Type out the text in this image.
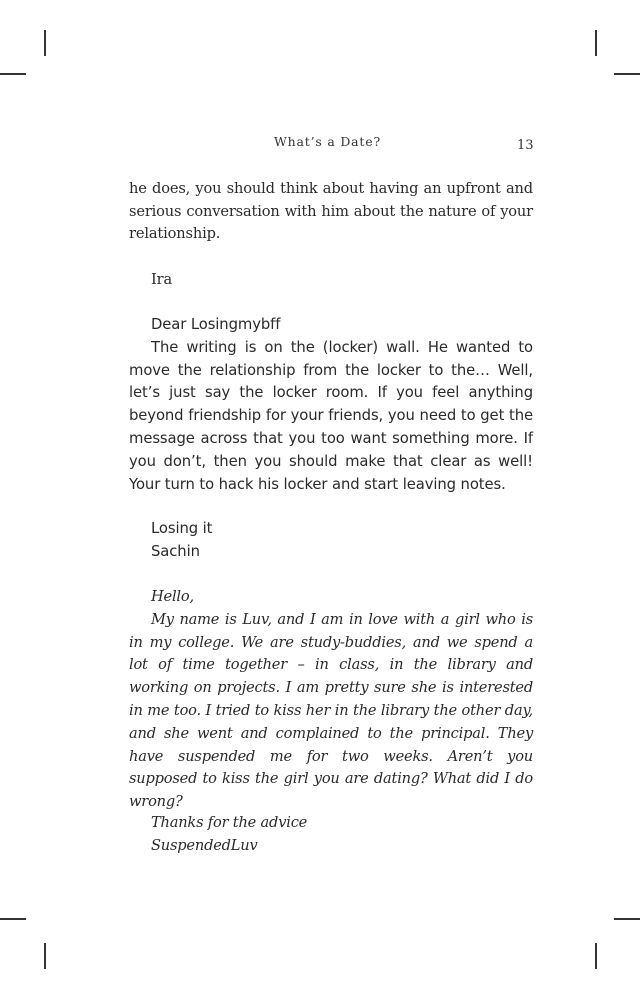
What’s a Date?	13

he does, you should think about having an upfront and serious conversation with him about the nature of your relationship.

Ira

Dear Losingmybff

The writing is on the (locker) wall. He wanted to move the relationship from the locker to the… Well, let’s just say the locker room. If you feel anything beyond friendship for your friends, you need to get the message across that you too want something more. If you don’t, then you should make that clear as well! Your turn to hack his locker and start leaving notes.

Losing it

Sachin

Hello,

My name is Luv, and I am in love with a girl who is in my college. We are study-buddies, and we spend a lot of time together – in class, in the library and working on projects. I am pretty sure she is interested in me too. I tried to kiss her in the library the other day, and she went and complained to the principal. They have suspended me for two weeks. Aren’t you supposed to kiss the girl you are dating? What did I do wrong?

Thanks for the advice

SuspendedLuv
